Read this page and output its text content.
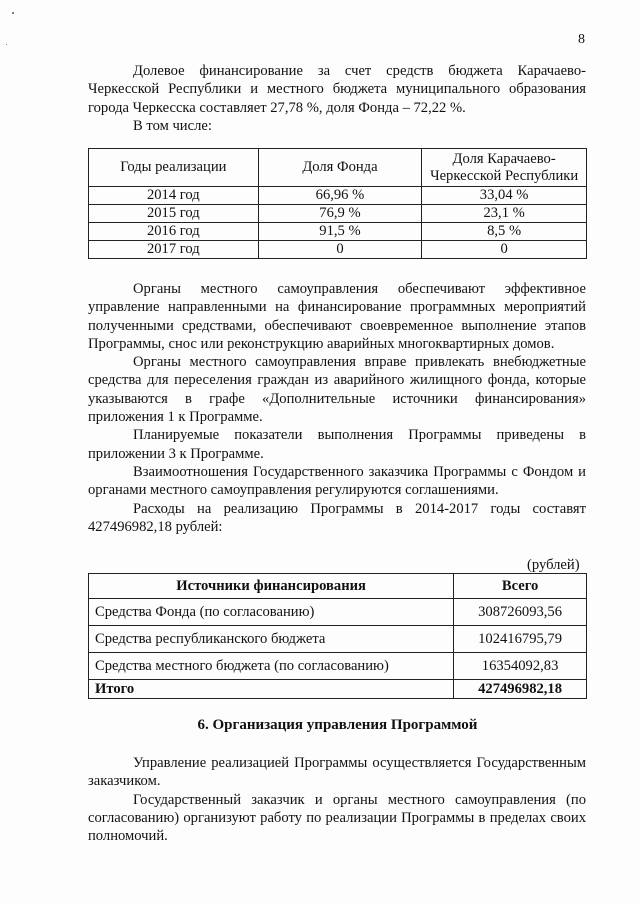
8

Долевое финансирование за счет средств бюджета Карачаево-Черкесской Республики и местного бюджета муниципального образования города Черкесска составляет 27,78 %, доля Фонда – 72,22 %.

В том числе:

Годы реализации	Доля Фонда	Доля Карачаево-Черкесской Республики
2014 год	66,96 %	33,04 %
2015 год	76,9 %	23,1 %
2016 год	91,5 %	8,5 %
2017 год	0	0

Органы местного самоуправления обеспечивают эффективное управление направленными на финансирование программных мероприятий полученными средствами, обеспечивают своевременное выполнение этапов Программы, снос или реконструкцию аварийных многоквартирных домов.

Органы местного самоуправления вправе привлекать внебюджетные средства для переселения граждан из аварийного жилищного фонда, которые указываются в графе «Дополнительные источники финансирования» приложения 1 к Программе.

Планируемые показатели выполнения Программы приведены в приложении 3 к Программе.

Взаимоотношения Государственного заказчика Программы с Фондом и органами местного самоуправления регулируются соглашениями.

Расходы на реализацию Программы в 2014-2017 годы составят 427496982,18 рублей:

(рублей)
Источники финансирования	Всего
Средства Фонда (по согласованию)	308726093,56
Средства республиканского бюджета	102416795,79
Средства местного бюджета (по согласованию)	16354092,83
Итого	427496982,18
6. Организация управления Программой

Управление реализацией Программы осуществляется Государственным заказчиком.

Государственный заказчик и органы местного самоуправления (по согласованию) организуют работу по реализации Программы в пределах своих полномочий.
